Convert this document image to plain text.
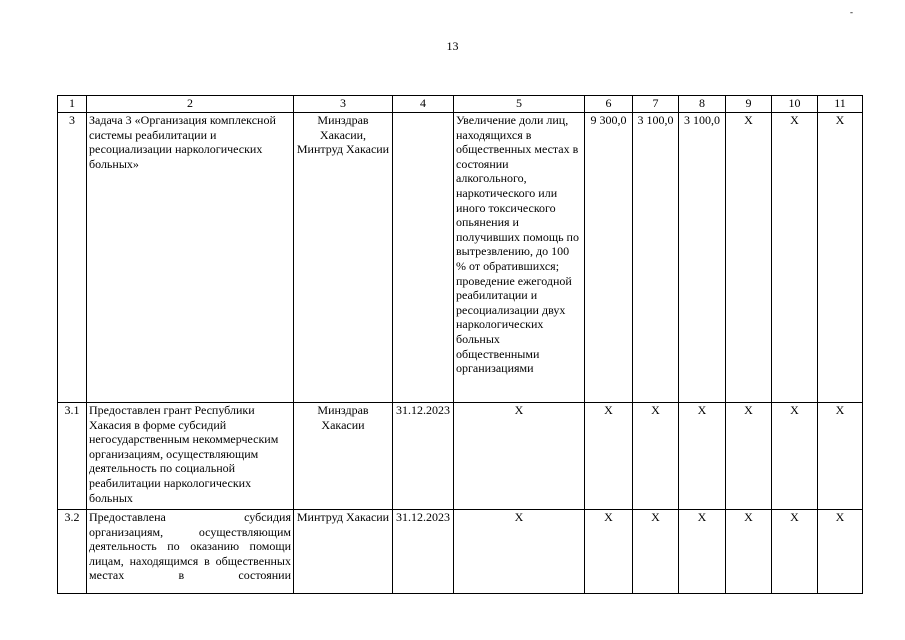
13
-
1	2	3	4	5	6	7	8	9	10	11
3	Задача 3 «Организация комплексной системы реабилитации и ресоциализации наркологических больных»	Минздрав Хакасии, Минтруд Хакасии		Увеличение доли лиц, находящихся в общественных местах в состоянии алкогольного, наркотического или иного токсического опьянения и получивших помощь по вытрезвлению, до 100 % от обратившихся; проведение ежегодной реабилитации и ресоциализации двух наркологических больных общественными организациями	9 300,0	3 100,0	3 100,0	Х	Х	Х
3.1	Предоставлен грант Республики Хакасия в форме субсидий негосударственным некоммерческим организациям, осуществляющим деятельность по социальной реабилитации наркологических больных	Минздрав Хакасии	31.12.2023	Х	Х	Х	Х	Х	Х	Х
3.2	Предоставлена субсидия организациям, осуществляющим деятельность по оказанию помощи лицам, находящимся в общественных местах в состоянии	Минтруд Хакасии	31.12.2023	Х	Х	Х	Х	Х	Х	Х
